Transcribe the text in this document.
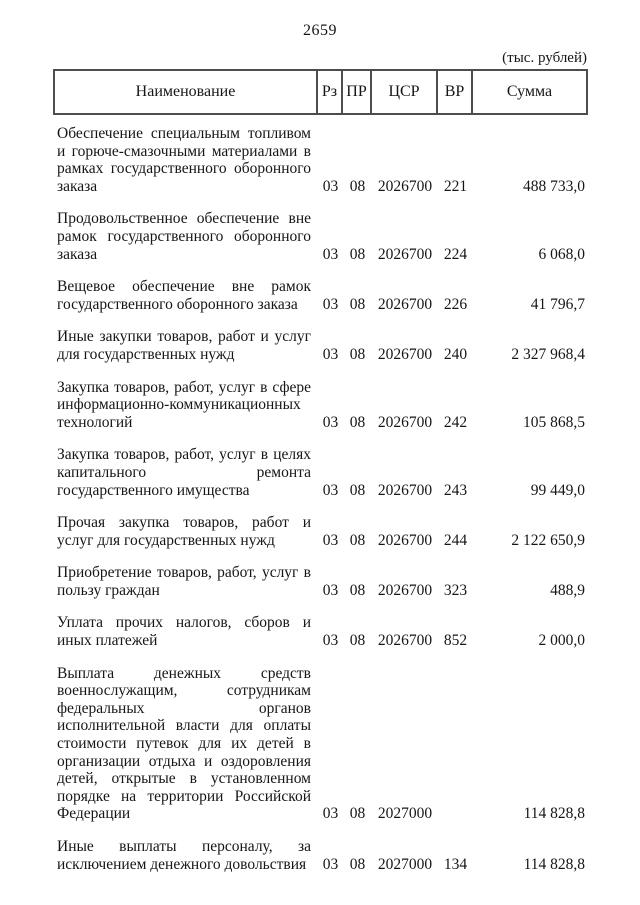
2659
(тыс. рублей)
Наименование	Рз ПР	ЦСР	ВР	Сумма
Обеспечение специальным топливом и горюче-смазочными материалами в рамках государственного оборонного заказа	03 08 2026700 221	488 733,0
Продовольственное обеспечение вне рамок государственного оборонного заказа	03 08 2026700 224	6 068,0
Вещевое обеспечение вне рамок государственного оборонного заказа	03 08 2026700 226	41 796,7
Иные закупки товаров, работ и услуг для государственных нужд	03 08 2026700 240	2 327 968,4
Закупка товаров, работ, услуг в сфере информационно-коммуникационных технологий	03 08 2026700 242	105 868,5
Закупка товаров, работ, услуг в целях капитального ремонта государственного имущества	03 08 2026700 243	99 449,0
Прочая закупка товаров, работ и услуг для государственных нужд	03 08 2026700 244	2 122 650,9
Приобретение товаров, работ, услуг в пользу граждан	03 08 2026700 323	488,9
Уплата прочих налогов, сборов и иных платежей	03 08 2026700 852	2 000,0
Выплата денежных средств военнослужащим, сотрудникам федеральных органов исполнительной власти для оплаты стоимости путевок для их детей в организации отдыха и оздоровления детей, открытые в установленном порядке на территории Российской Федерации	03 08 2027000	114 828,8
Иные выплаты персоналу, за исключением денежного довольствия	03 08 2027000 134	114 828,8
